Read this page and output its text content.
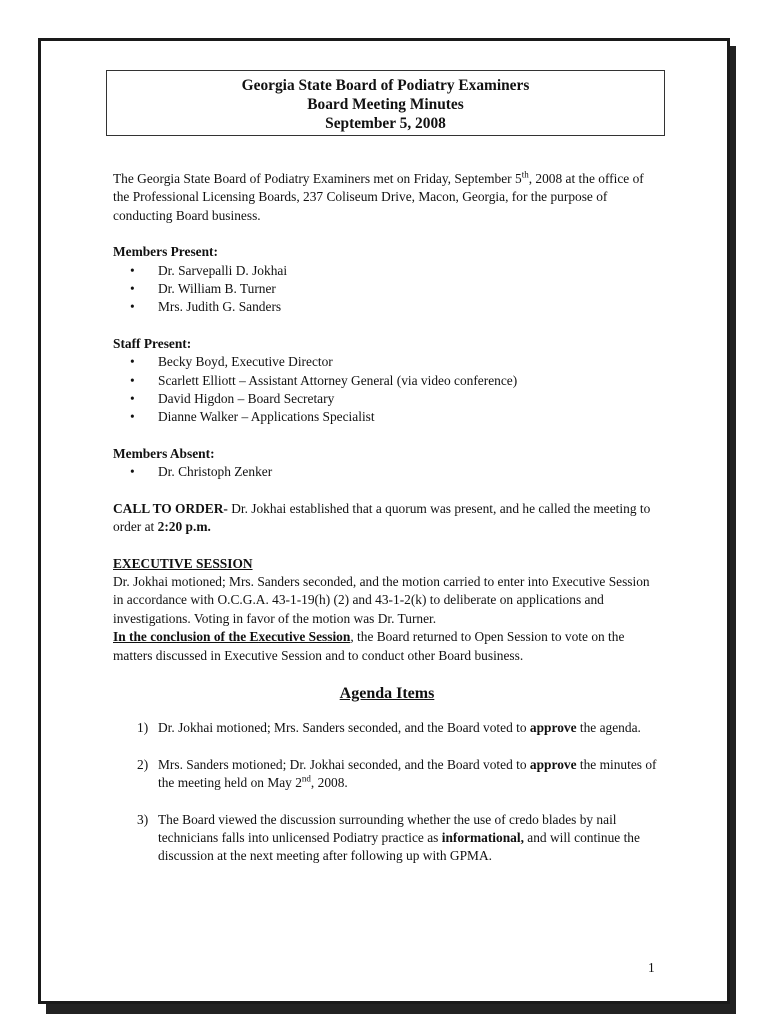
Georgia State Board of Podiatry Examiners
Board Meeting Minutes
September 5, 2008

The Georgia State Board of Podiatry Examiners met on Friday, September 5th, 2008 at the office of the Professional Licensing Boards, 237 Coliseum Drive, Macon, Georgia, for the purpose of conducting Board business.

Members Present:

• Dr. Sarvepalli D. Jokhai
• Dr. William B. Turner
• Mrs. Judith G. Sanders

Staff Present:

• Becky Boyd, Executive Director
• Scarlett Elliott – Assistant Attorney General (via video conference)
• David Higdon – Board Secretary
• Dianne Walker – Applications Specialist

Members Absent:

• Dr. Christoph Zenker

CALL TO ORDER- Dr. Jokhai established that a quorum was present, and he called the meeting to order at 2:20 p.m.

EXECUTIVE SESSION

Dr. Jokhai motioned; Mrs. Sanders seconded, and the motion carried to enter into Executive Session in accordance with O.C.G.A. 43-1-19(h) (2) and 43-1-2(k) to deliberate on applications and investigations. Voting in favor of the motion was Dr. Turner.

In the conclusion of the Executive Session, the Board returned to Open Session to vote on the matters discussed in Executive Session and to conduct other Board business.

Agenda Items
1) Dr. Jokhai motioned; Mrs. Sanders seconded, and the Board voted to approve the agenda.
2) Mrs. Sanders motioned; Dr. Jokhai seconded, and the Board voted to approve the minutes of the meeting held on May 2nd, 2008.
3) The Board viewed the discussion surrounding whether the use of credo blades by nail technicians falls into unlicensed Podiatry practice as informational, and will continue the discussion at the next meeting after following up with GPMA.
1
